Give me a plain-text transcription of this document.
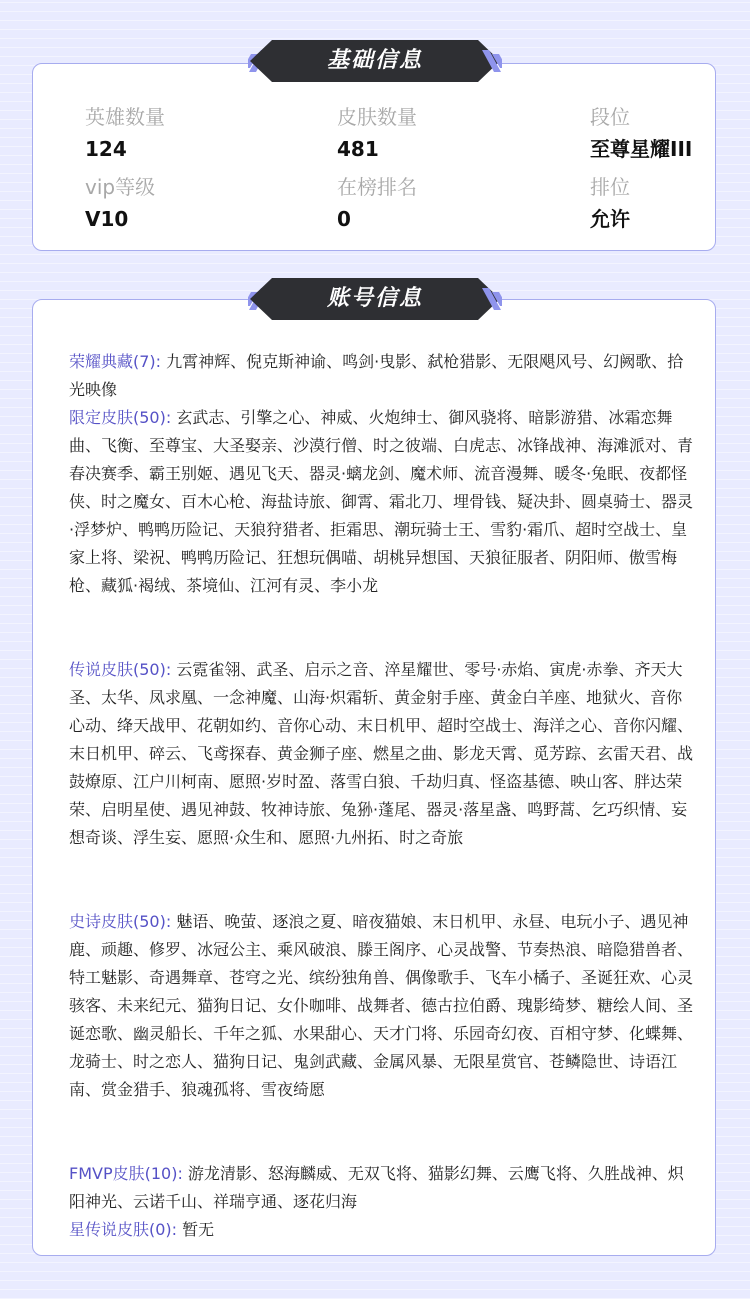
英雄数量
124
皮肤数量
481
段位
至尊星耀III
vip等级
V10
在榜排名
0
排位
允许
基础信息
荣耀典藏(7): 九霄神辉、倪克斯神谕、鸣剑·曳影、弑枪猎影、无限飓风号、幻阙歌、拾光映像
限定皮肤(50): 玄武志、引擎之心、神威、火炮绅士、御风骁将、暗影游猎、冰霜恋舞曲、飞衡、至尊宝、大圣娶亲、沙漠行僧、时之彼端、白虎志、冰锋战神、海滩派对、青春决赛季、霸王别姬、遇见飞天、器灵·螭龙剑、魔术师、流音漫舞、暖冬·兔眠、夜都怪侠、时之魔女、百木心枪、海盐诗旅、御霄、霜北刀、埋骨钱、疑决卦、圆桌骑士、器灵·浮梦炉、鸭鸭历险记、天狼狩猎者、拒霜思、潮玩骑士王、雪豹·霜爪、超时空战士、皇家上将、梁祝、鸭鸭历险记、狂想玩偶喵、胡桃异想国、天狼征服者、阴阳师、傲雪梅枪、藏狐·褐绒、茶境仙、江河有灵、李小龙
传说皮肤(50): 云霓雀翎、武圣、启示之音、淬星耀世、零号·赤焰、寅虎·赤拳、齐天大圣、太华、凤求凰、一念神魔、山海·炽霜斩、黄金射手座、黄金白羊座、地狱火、音你心动、绛天战甲、花朝如约、音你心动、末日机甲、超时空战士、海洋之心、音你闪耀、末日机甲、碎云、飞鸢探春、黄金狮子座、燃星之曲、影龙天霄、觅芳踪、玄雷天君、战鼓燎原、江户川柯南、愿照·岁时盈、落雪白狼、千劫归真、怪盗基德、映山客、胖达荣荣、启明星使、遇见神鼓、牧神诗旅、兔狲·蓬尾、器灵·落星盏、鸣野蒿、乞巧织情、妄想奇谈、浮生妄、愿照·众生和、愿照·九州拓、时之奇旅
史诗皮肤(50): 魅语、晚萤、逐浪之夏、暗夜猫娘、末日机甲、永昼、电玩小子、遇见神鹿、顽趣、修罗、冰冠公主、乘风破浪、滕王阁序、心灵战警、节奏热浪、暗隐猎兽者、特工魅影、奇遇舞章、苍穹之光、缤纷独角兽、偶像歌手、飞车小橘子、圣诞狂欢、心灵骇客、未来纪元、猫狗日记、女仆咖啡、战舞者、德古拉伯爵、瑰影绮梦、糖绘人间、圣诞恋歌、幽灵船长、千年之狐、水果甜心、天才门将、乐园奇幻夜、百相守梦、化蝶舞、龙骑士、时之恋人、猫狗日记、鬼剑武藏、金属风暴、无限星赏官、苍鳞隐世、诗语江南、赏金猎手、狼魂孤将、雪夜绮愿
FMVP皮肤(10): 游龙清影、怒海麟威、无双飞将、猫影幻舞、云鹰飞将、久胜战神、炽阳神光、云诺千山、祥瑞亨通、逐花归海
星传说皮肤(0): 暂无
账号信息
